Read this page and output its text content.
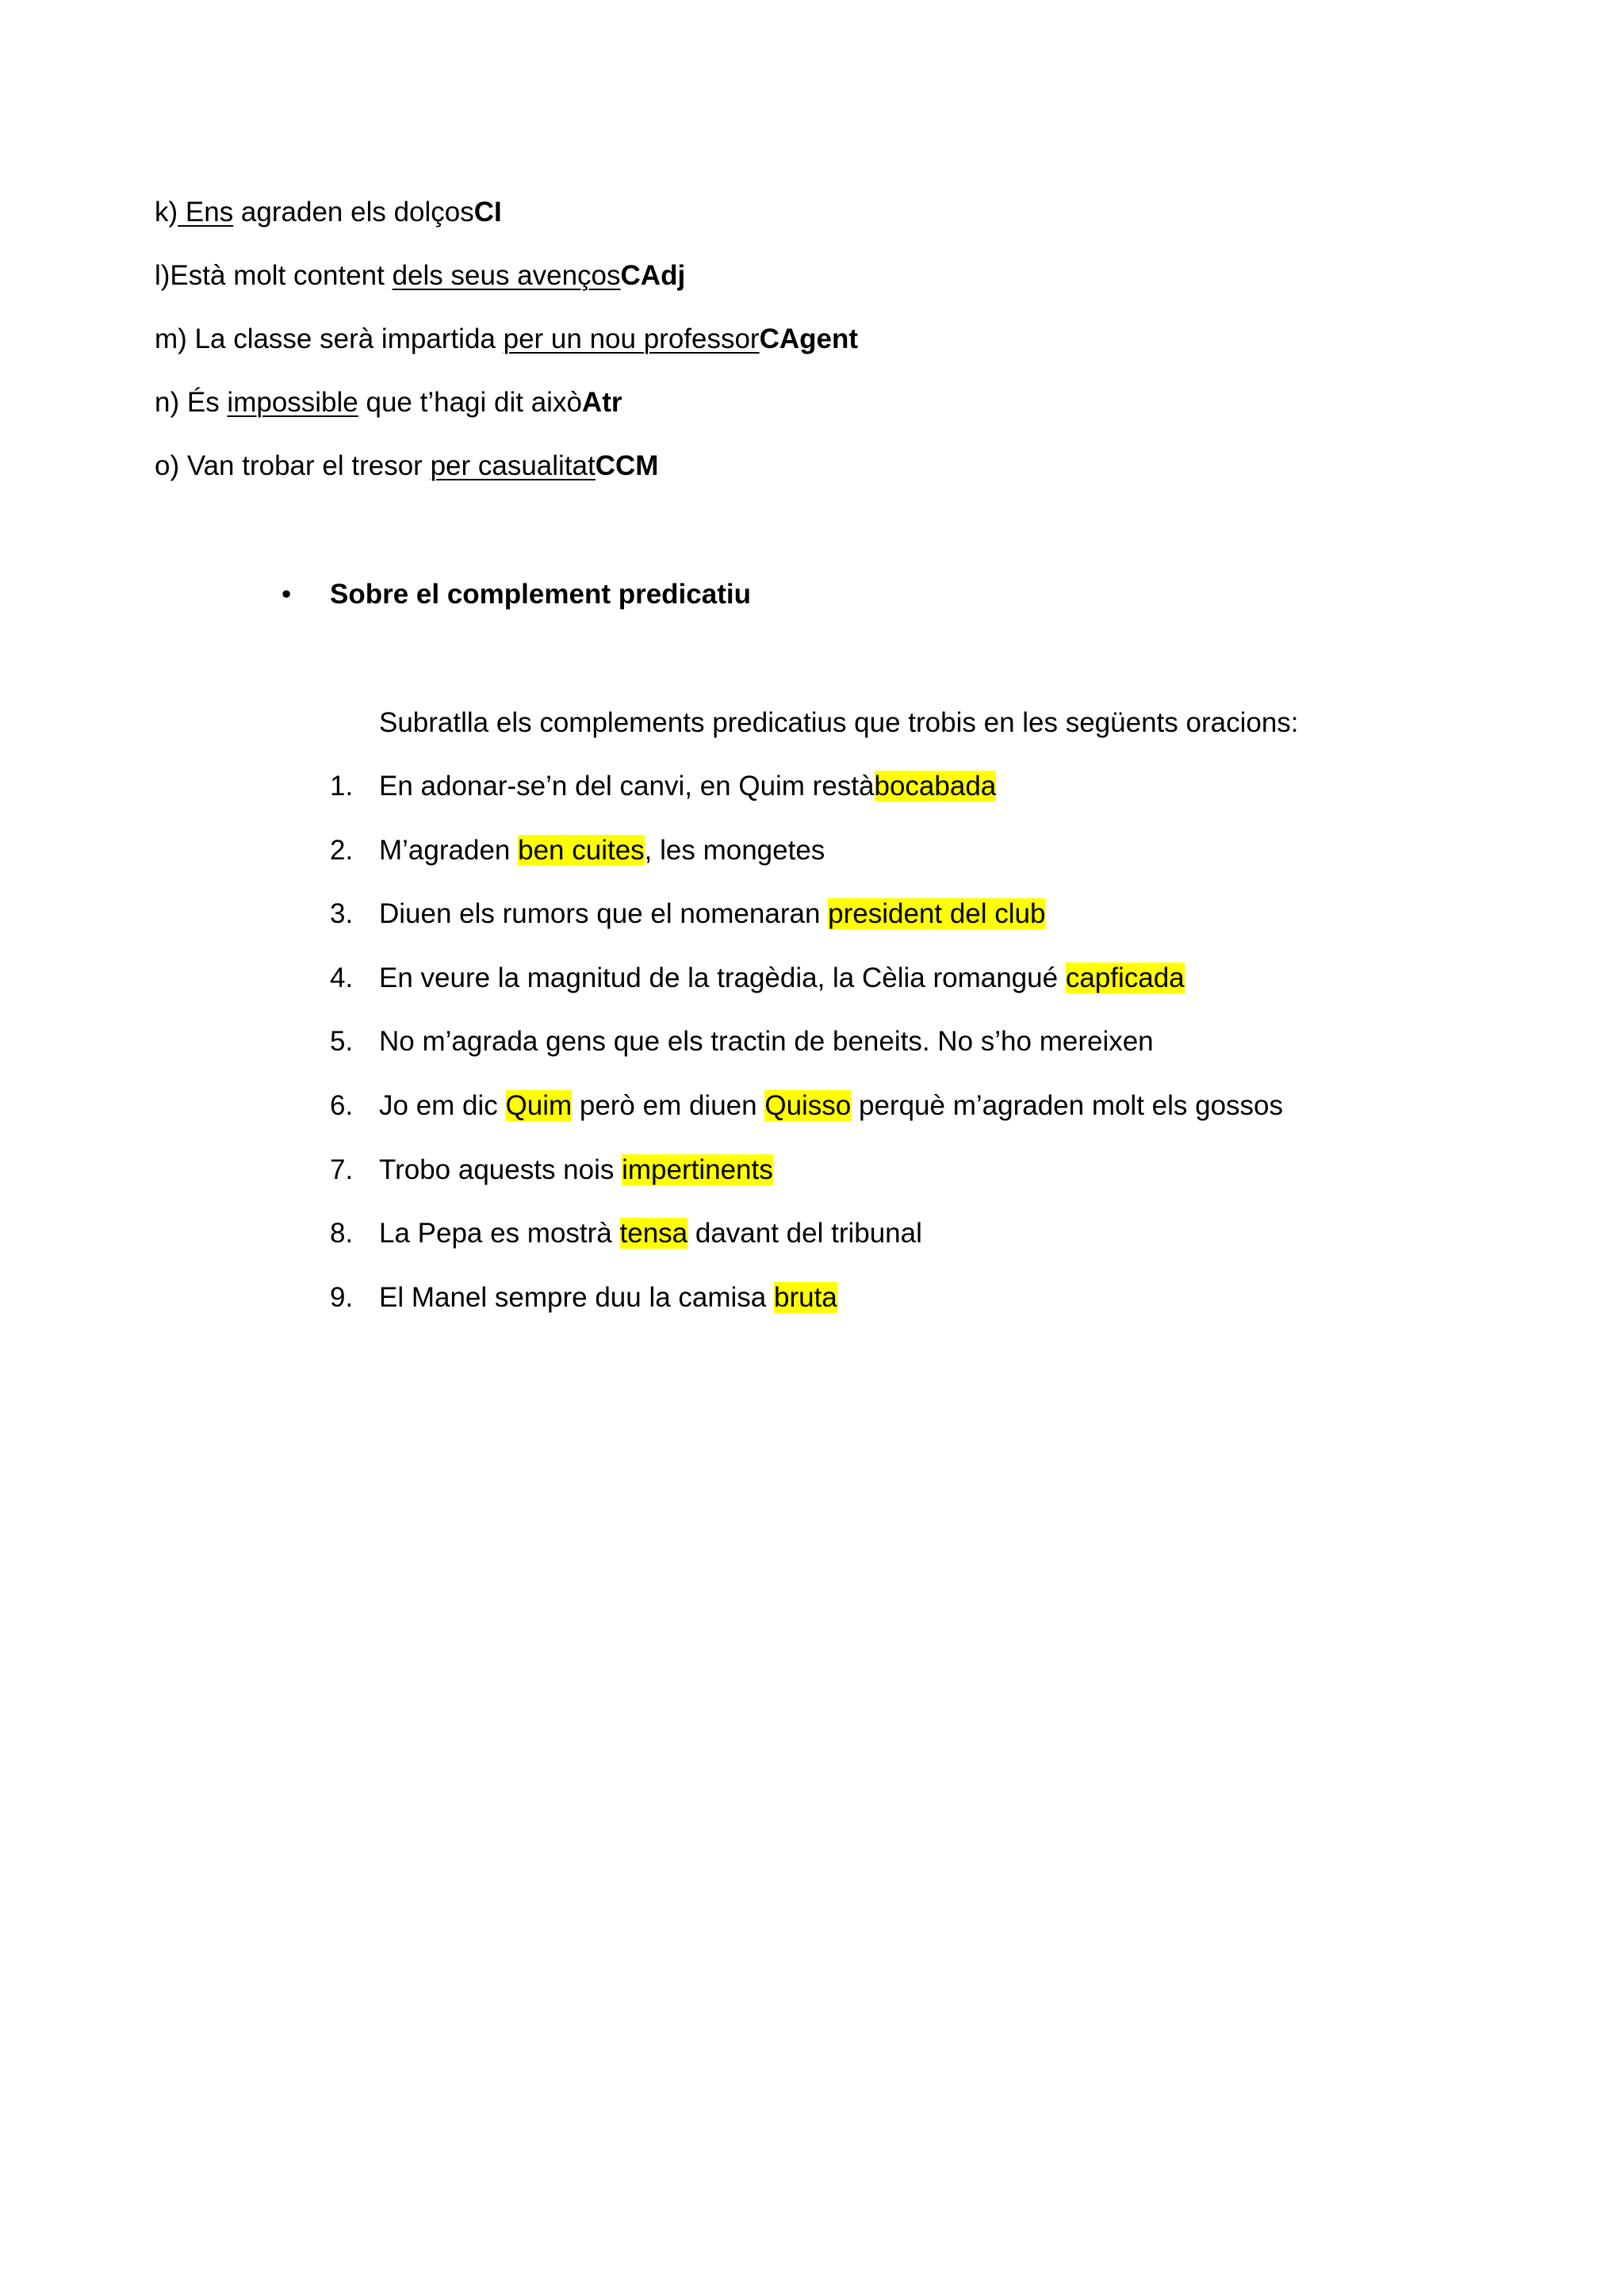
k) Ens agraden els dolçosCI
l)Està molt content dels seus avençosCAdj
m) La classe serà impartida per un nou professorCAgent
n) És impossible que t’hagi dit aixòAtr
o) Van trobar el tresor per casualitatCCM
• Sobre el complement predicatiu
Subratlla els complements predicatius que trobis en les següents oracions:
1. En adonar-se’n del canvi, en Quim restàbocabada
2. M’agraden ben cuites, les mongetes
3. Diuen els rumors que el nomenaran president del club
4. En veure la magnitud de la tragèdia, la Cèlia romangué capficada
5. No m’agrada gens que els tractin de beneits. No s’ho mereixen
6. Jo em dic Quim però em diuen Quisso perquè m’agraden molt els gossos
7. Trobo aquests nois impertinents
8. La Pepa es mostrà tensa davant del tribunal
9. El Manel sempre duu la camisa bruta
